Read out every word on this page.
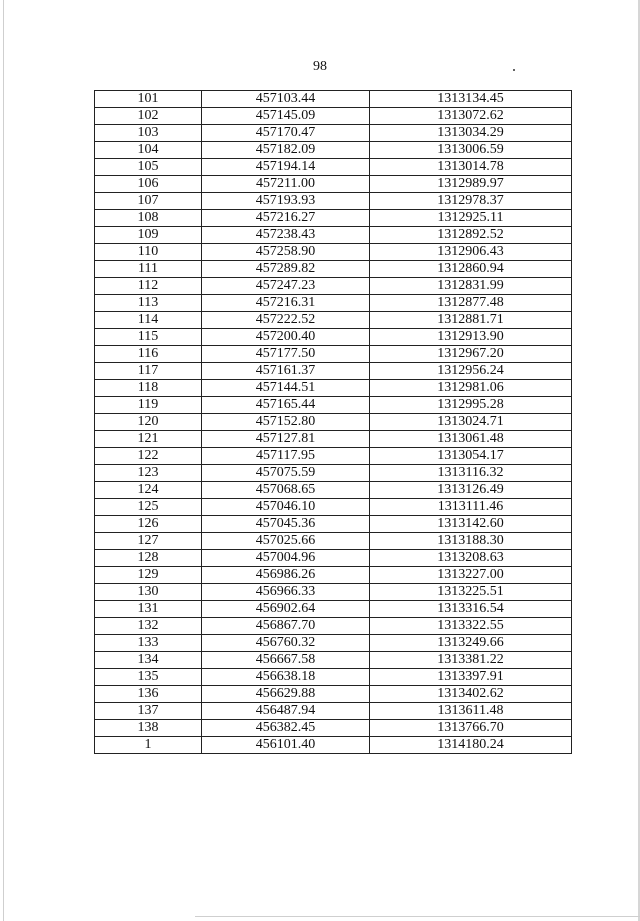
98
101	457103.44	1313134.45
102	457145.09	1313072.62
103	457170.47	1313034.29
104	457182.09	1313006.59
105	457194.14	1313014.78
106	457211.00	1312989.97
107	457193.93	1312978.37
108	457216.27	1312925.11
109	457238.43	1312892.52
110	457258.90	1312906.43
111	457289.82	1312860.94
112	457247.23	1312831.99
113	457216.31	1312877.48
114	457222.52	1312881.71
115	457200.40	1312913.90
116	457177.50	1312967.20
117	457161.37	1312956.24
118	457144.51	1312981.06
119	457165.44	1312995.28
120	457152.80	1313024.71
121	457127.81	1313061.48
122	457117.95	1313054.17
123	457075.59	1313116.32
124	457068.65	1313126.49
125	457046.10	1313111.46
126	457045.36	1313142.60
127	457025.66	1313188.30
128	457004.96	1313208.63
129	456986.26	1313227.00
130	456966.33	1313225.51
131	456902.64	1313316.54
132	456867.70	1313322.55
133	456760.32	1313249.66
134	456667.58	1313381.22
135	456638.18	1313397.91
136	456629.88	1313402.62
137	456487.94	1313611.48
138	456382.45	1313766.70
1	456101.40	1314180.24
